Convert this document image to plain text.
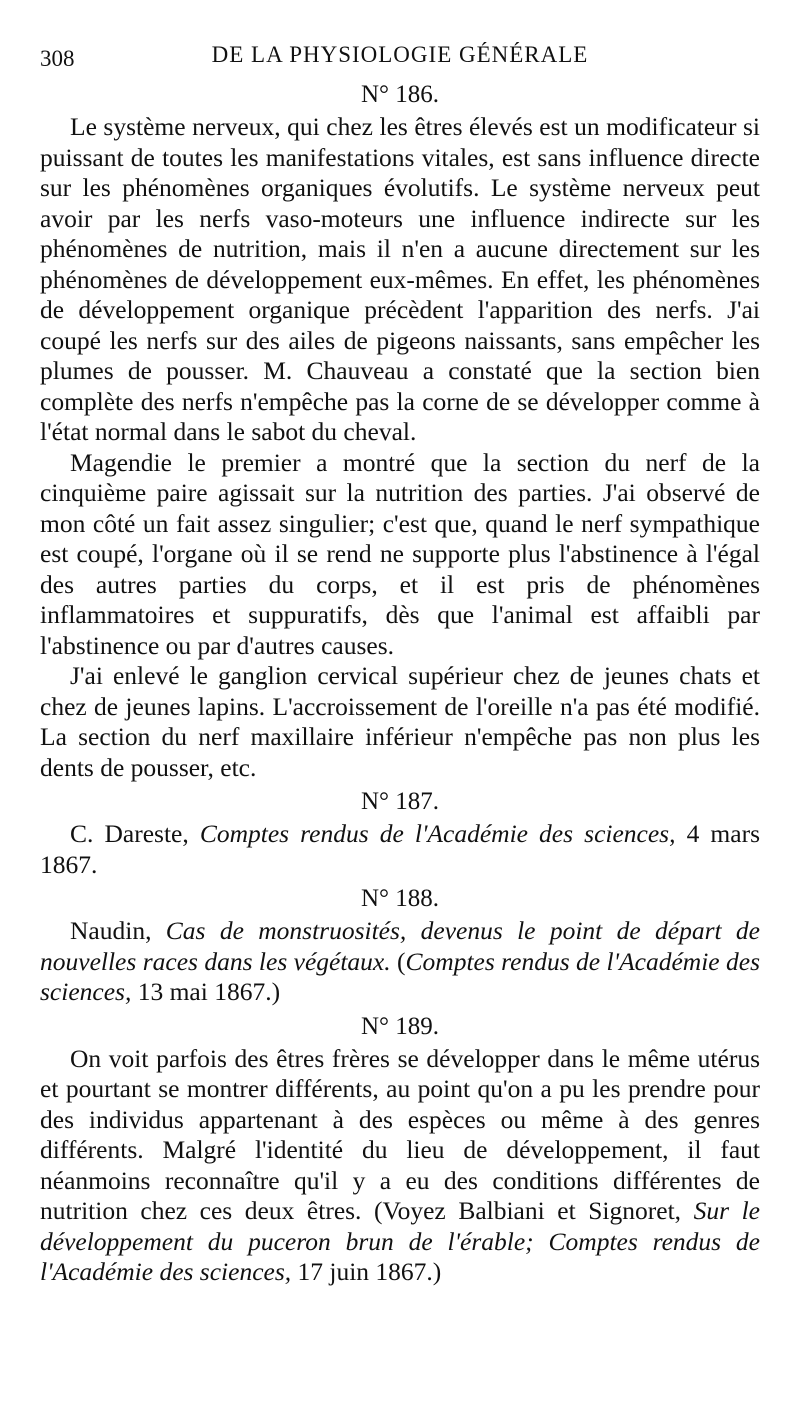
308	DE LA PHYSIOLOGIE GÉNÉRALE
N° 186.

Le système nerveux, qui chez les êtres élevés est un modificateur si puissant de toutes les manifestations vitales, est sans influence directe sur les phénomènes organiques évolutifs. Le système nerveux peut avoir par les nerfs vaso-moteurs une influence indirecte sur les phénomènes de nutrition, mais il n'en a aucune directement sur les phénomènes de développement eux-mêmes. En effet, les phénomènes de développement organique précèdent l'apparition des nerfs. J'ai coupé les nerfs sur des ailes de pigeons naissants, sans empêcher les plumes de pousser. M. Chauveau a constaté que la section bien complète des nerfs n'empêche pas la corne de se développer comme à l'état normal dans le sabot du cheval.

Magendie le premier a montré que la section du nerf de la cinquième paire agissait sur la nutrition des parties. J'ai observé de mon côté un fait assez singulier; c'est que, quand le nerf sympathique est coupé, l'organe où il se rend ne supporte plus l'abstinence à l'égal des autres parties du corps, et il est pris de phénomènes inflammatoires et suppuratifs, dès que l'animal est affaibli par l'abstinence ou par d'autres causes.

J'ai enlevé le ganglion cervical supérieur chez de jeunes chats et chez de jeunes lapins. L'accroissement de l'oreille n'a pas été modifié. La section du nerf maxillaire inférieur n'empêche pas non plus les dents de pousser, etc.

N° 187.

C. Dareste, Comptes rendus de l'Académie des sciences, 4 mars 1867.

N° 188.

Naudin, Cas de monstruosités, devenus le point de départ de nouvelles races dans les végétaux. (Comptes rendus de l'Académie des sciences, 13 mai 1867.)

N° 189.

On voit parfois des êtres frères se développer dans le même utérus et pourtant se montrer différents, au point qu'on a pu les prendre pour des individus appartenant à des espèces ou même à des genres différents. Malgré l'identité du lieu de développement, il faut néanmoins reconnaître qu'il y a eu des conditions différentes de nutrition chez ces deux êtres. (Voyez Balbiani et Signoret, Sur le développement du puceron brun de l'érable; Comptes rendus de l'Académie des sciences, 17 juin 1867.)
